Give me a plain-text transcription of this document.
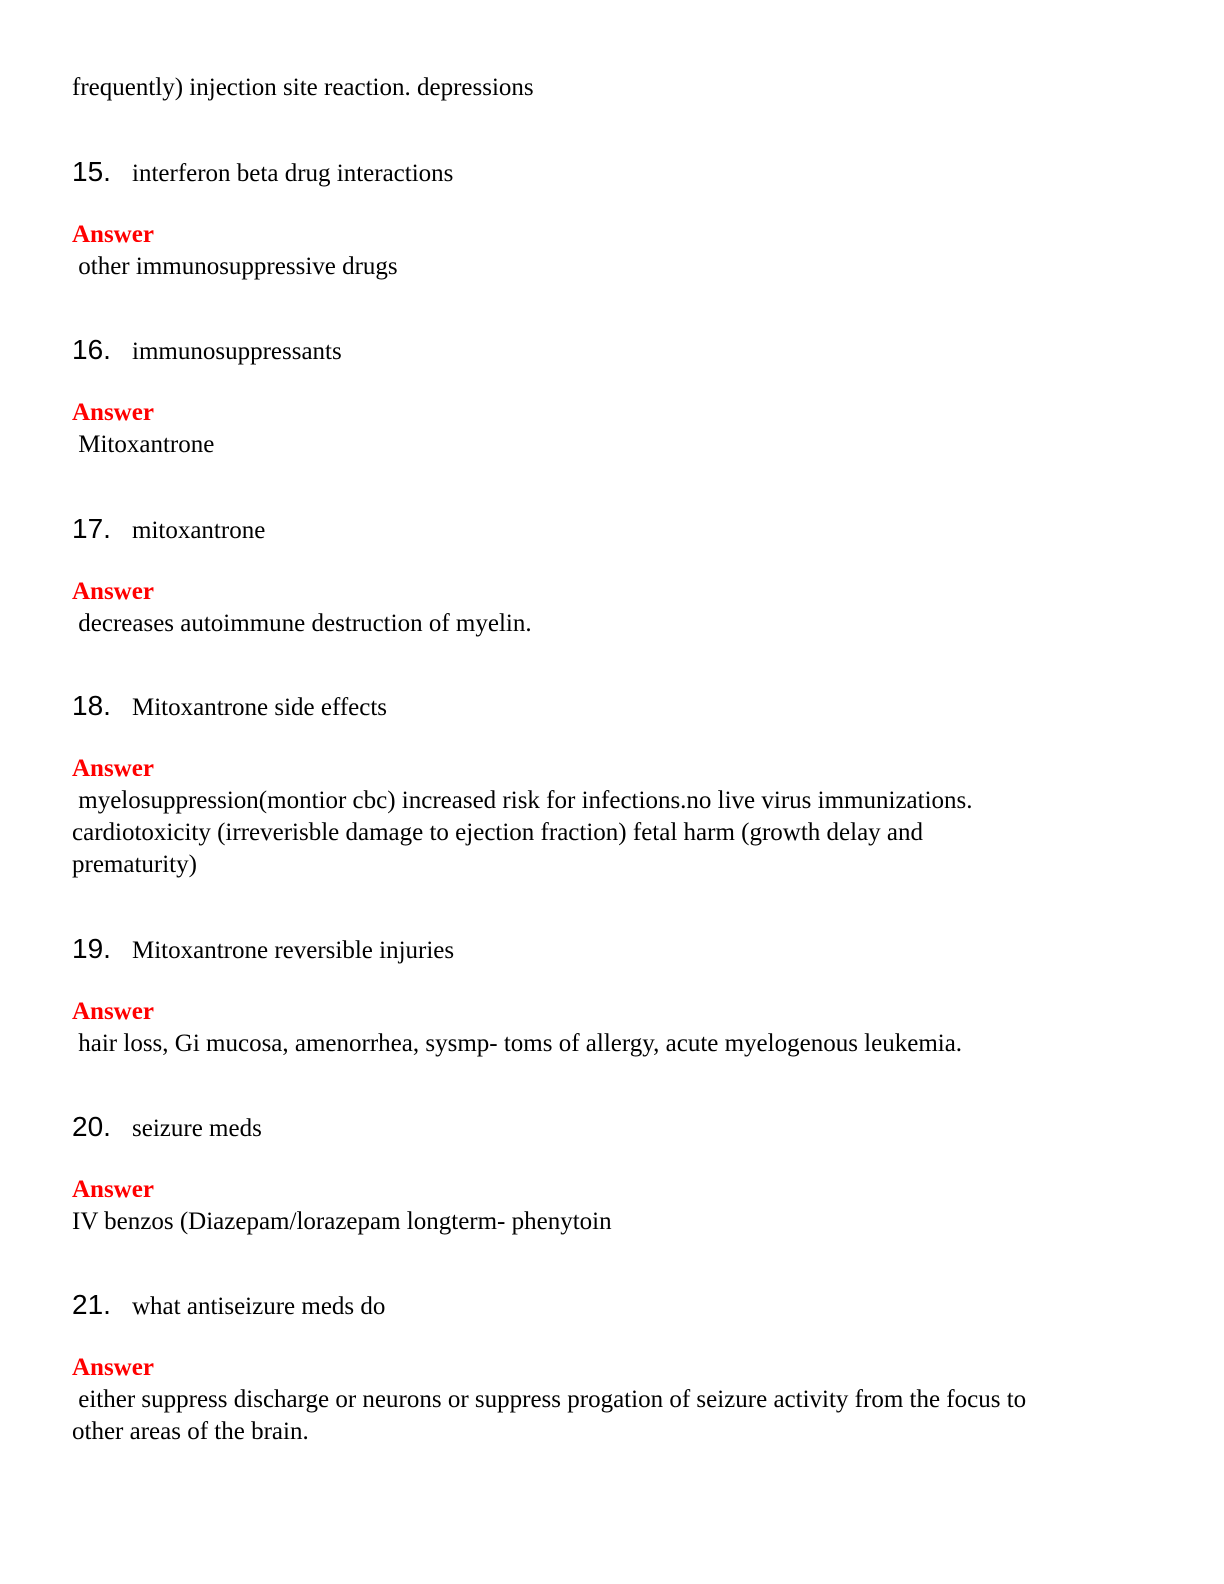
frequently) injection site reaction. depressions
15. interferon beta drug interactions
Answer
other immunosuppressive drugs
16. immunosuppressants
Answer
Mitoxantrone
17. mitoxantrone
Answer
decreases autoimmune destruction of myelin.
18. Mitoxantrone side effects
Answer
myelosuppression(montior cbc) increased risk for infections.no live virus immunizations.
cardiotoxicity (irreverisble damage to ejection fraction) fetal harm (growth delay and
prematurity)
19. Mitoxantrone reversible injuries
Answer
hair loss, Gi mucosa, amenorrhea, sysmp- toms of allergy, acute myelogenous leukemia.
20. seizure meds
Answer
IV benzos (Diazepam/lorazepam longterm- phenytoin
21. what antiseizure meds do
Answer
either suppress discharge or neurons or suppress progation of seizure activity from the focus to
other areas of the brain.
